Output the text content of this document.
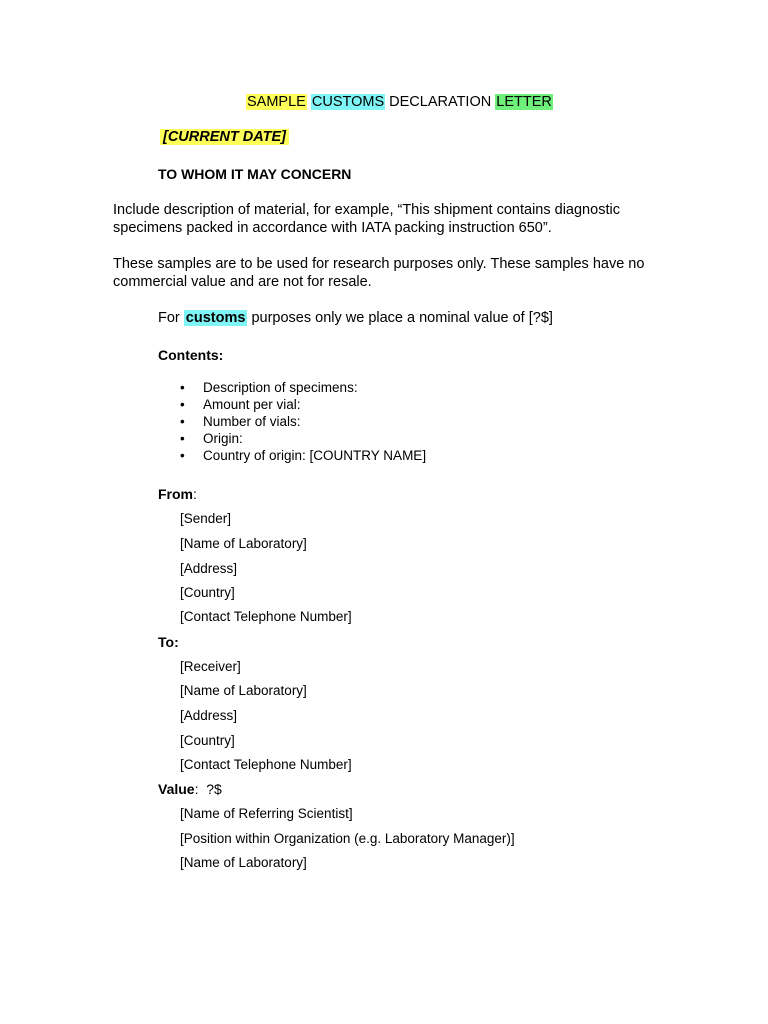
SAMPLE CUSTOMS DECLARATION LETTER
[CURRENT DATE]
TO WHOM IT MAY CONCERN
Include description of material, for example, “This shipment contains diagnostic specimens packed in accordance with IATA packing instruction 650”.
These samples are to be used for research purposes only. These samples have no commercial value and are not for resale.
For customs purposes only we place a nominal value of [?$]
Contents:
• Description of specimens:
• Amount per vial:
• Number of vials:
• Origin:
• Country of origin: [COUNTRY NAME]
From:
[Sender]
[Name of Laboratory]
[Address]
[Country]
[Contact Telephone Number]
To:
[Receiver]
[Name of Laboratory]
[Address]
[Country]
[Contact Telephone Number]
Value:  ?$
[Name of Referring Scientist]
[Position within Organization (e.g. Laboratory Manager)]
[Name of Laboratory]
